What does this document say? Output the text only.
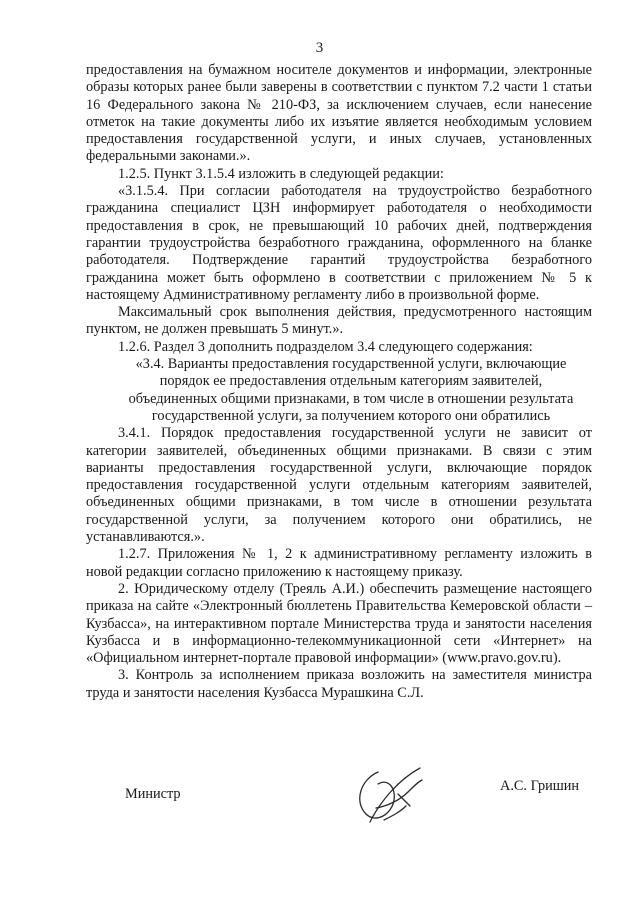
3

предоставления на бумажном носителе документов и информации, электронные образы которых ранее были заверены в соответствии с пунктом 7.2 части 1 статьи 16 Федерального закона № 210-ФЗ, за исключением случаев, если нанесение отметок на такие документы либо их изъятие является необходимым условием предоставления государственной услуги, и иных случаев, установленных федеральными законами.».

1.2.5. Пункт 3.1.5.4 изложить в следующей редакции:

«3.1.5.4. При согласии работодателя на трудоустройство безработного гражданина специалист ЦЗН информирует работодателя о необходимости предоставления в срок, не превышающий 10 рабочих дней, подтверждения гарантии трудоустройства безработного гражданина, оформленного на бланке работодателя. Подтверждение гарантий трудоустройства безработного гражданина может быть оформлено в соответствии с приложением № 5 к настоящему Административному регламенту либо в произвольной форме.

Максимальный срок выполнения действия, предусмотренного настоящим пунктом, не должен превышать 5 минут.».

1.2.6. Раздел 3 дополнить подразделом 3.4 следующего содержания:

«3.4. Варианты предоставления государственной услуги, включающие порядок ее предоставления отдельным категориям заявителей, объединенных общими признаками, в том числе в отношении результата государственной услуги, за получением которого они обратились

3.4.1. Порядок предоставления государственной услуги не зависит от категории заявителей, объединенных общими признаками. В связи с этим варианты предоставления государственной услуги, включающие порядок предоставления государственной услуги отдельным категориям заявителей, объединенных общими признаками, в том числе в отношении результата государственной услуги, за получением которого они обратились, не устанавливаются.».

1.2.7. Приложения № 1, 2 к административному регламенту изложить в новой редакции согласно приложению к настоящему приказу.

2. Юридическому отделу (Треяль А.И.) обеспечить размещение настоящего приказа на сайте «Электронный бюллетень Правительства Кемеровской области – Кузбасса», на интерактивном портале Министерства труда и занятости населения Кузбасса и в информационно-телекоммуникационной сети «Интернет» на «Официальном интернет-портале правовой информации» (www.pravo.gov.ru).

3. Контроль за исполнением приказа возложить на заместителя министра труда и занятости населения Кузбасса Мурашкина С.Л.

Министр	А.С. Гришин
